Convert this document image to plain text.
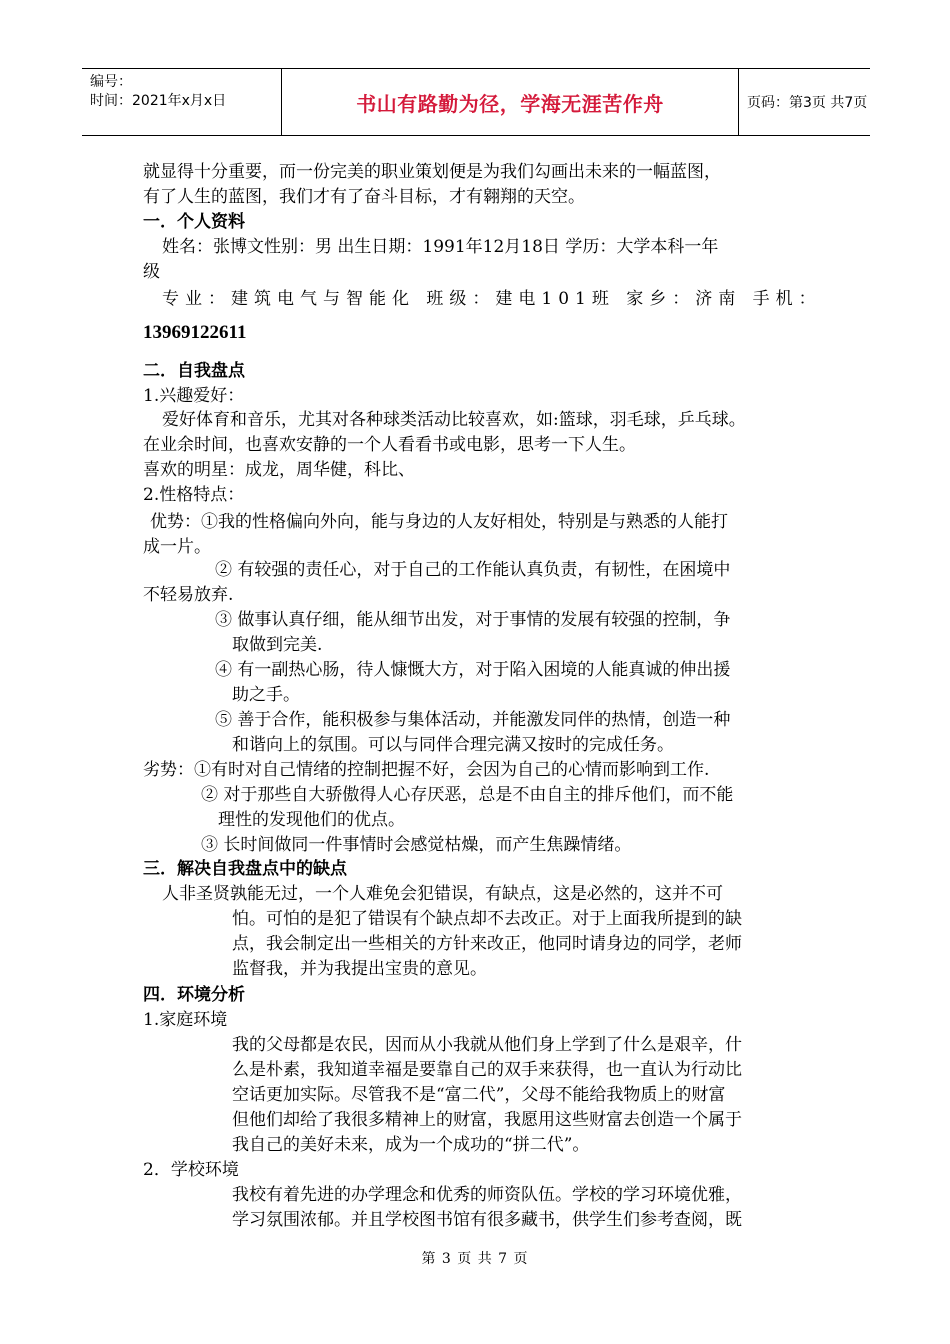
编号：
时间：2021年x月x日	书山有路勤为径，学海无涯苦作舟	页码：第3页 共7页
就显得十分重要，而一份完美的职业策划便是为我们勾画出未来的一幅蓝图，
有了人生的蓝图，我们才有了奋斗目标，才有翱翔的天空。
一．个人资料
姓名：张博文性别：男 出生日期：1991年12月18日 学历：大学本科一年
级
专业：建筑电气与智能化 班级：建电101班 家乡：济南 手机：
13969122611
二．自我盘点
1.兴趣爱好：
爱好体育和音乐，尤其对各种球类活动比较喜欢，如:篮球，羽毛球，乒乓球。
在业余时间，也喜欢安静的一个人看看书或电影，思考一下人生。
喜欢的明星：成龙，周华健，科比、
2.性格特点：
优势：①我的性格偏向外向，能与身边的人友好相处，特别是与熟悉的人能打
成一片。
② 有较强的责任心，对于自己的工作能认真负责，有韧性，在困境中
不轻易放弃.
③ 做事认真仔细，能从细节出发，对于事情的发展有较强的控制，争
取做到完美.
④ 有一副热心肠，待人慷慨大方，对于陷入困境的人能真诚的伸出援
助之手。
⑤ 善于合作，能积极参与集体活动，并能激发同伴的热情，创造一种
和谐向上的氛围。可以与同伴合理完满又按时的完成任务。
劣势：①有时对自己情绪的控制把握不好，会因为自己的心情而影响到工作.
② 对于那些自大骄傲得人心存厌恶，总是不由自主的排斥他们，而不能
理性的发现他们的优点。
③ 长时间做同一件事情时会感觉枯燥，而产生焦躁情绪。
三．解决自我盘点中的缺点
人非圣贤孰能无过，一个人难免会犯错误，有缺点，这是必然的，这并不可
怕。可怕的是犯了错误有个缺点却不去改正。对于上面我所提到的缺
点，我会制定出一些相关的方针来改正，他同时请身边的同学，老师
监督我，并为我提出宝贵的意见。
四．环境分析
1.家庭环境
我的父母都是农民，因而从小我就从他们身上学到了什么是艰辛，什
么是朴素，我知道幸福是要靠自己的双手来获得，也一直认为行动比
空话更加实际。尽管我不是“富二代”，父母不能给我物质上的财富
但他们却给了我很多精神上的财富，我愿用这些财富去创造一个属于
我自己的美好未来，成为一个成功的“拼二代”。
2．学校环境
我校有着先进的办学理念和优秀的师资队伍。学校的学习环境优雅，
学习氛围浓郁。并且学校图书馆有很多藏书，供学生们参考查阅，既
第 3 页 共 7 页
